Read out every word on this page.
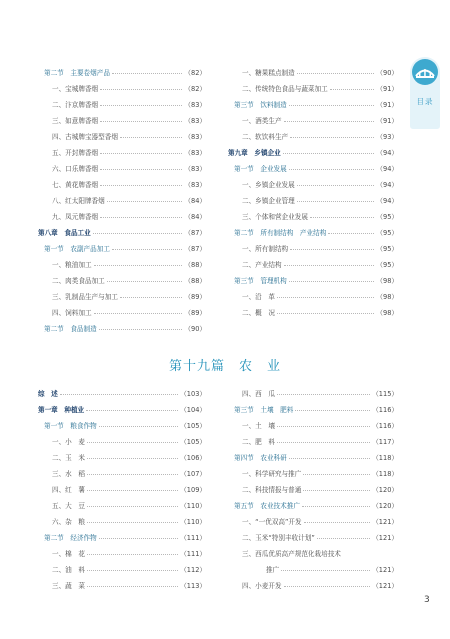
目录
第十九篇　农　业
3
第二节　主要卷烟产品	（82）
一、宝城牌香烟	（82）
二、汴京牌香烟	（83）
三、如意牌香烟	（83）
四、古城牌宝器型香烟	（83）
五、开封牌香烟	（83）
六、口乐牌香烟	（83）
七、黄花牌香烟	（83）
八、红太阳牌香烟	（84）
九、凤元牌香烟	（84）
第八章　食品工业	（87）
第一节　农副产品加工	（87）
一、粮油加工	（88）
二、肉类食品加工	（88）
三、乳制品生产与加工	（89）
四、饲料加工	（89）
第二节　食品制造	（90）
一、糖果糕点制造	（90）
二、传统特色食品与蔬菜加工	（91）
第三节　饮料制造	（91）
一、酒类生产	（91）
二、软饮料生产	（93）
第九章　乡镇企业	（94）
第一节　企业发展	（94）
一、乡镇企业发展	（94）
二、乡镇企业管理	（94）
三、个体和营企业发展	（95）
第二节　所有制结构　产业结构	（95）
一、所有制结构	（95）
二、产业结构	（95）
第三节　管理机构	（98）
一、沿　革	（98）
二、概　况	（98）
综　述	（103）
第一章　种植业	（104）
第一节　粮食作物	（105）
一、小　麦	（105）
二、玉　米	（106）
三、水　稻	（107）
四、红　薯	（109）
五、大　豆	（110）
六、杂　粮	（110）
第二节　经济作物	（111）
一、棉　花	（111）
二、油　料	（112）
三、蔬　菜	（113）
四、西　瓜	（115）
第三节　土壤　肥料	（116）
一、土　壤	（116）
二、肥　料	（117）
第四节　农业科研	（118）
一、科学研究与推广	（118）
二、科技情报与普通	（120）
第五节　农业技术推广	（120）
一、“一优双高”开发	（121）
二、玉米“特别丰收计划”	（121）
三、西瓜优质高产规范化栽培技术
推广	（121）
四、小麦开发	（121）
